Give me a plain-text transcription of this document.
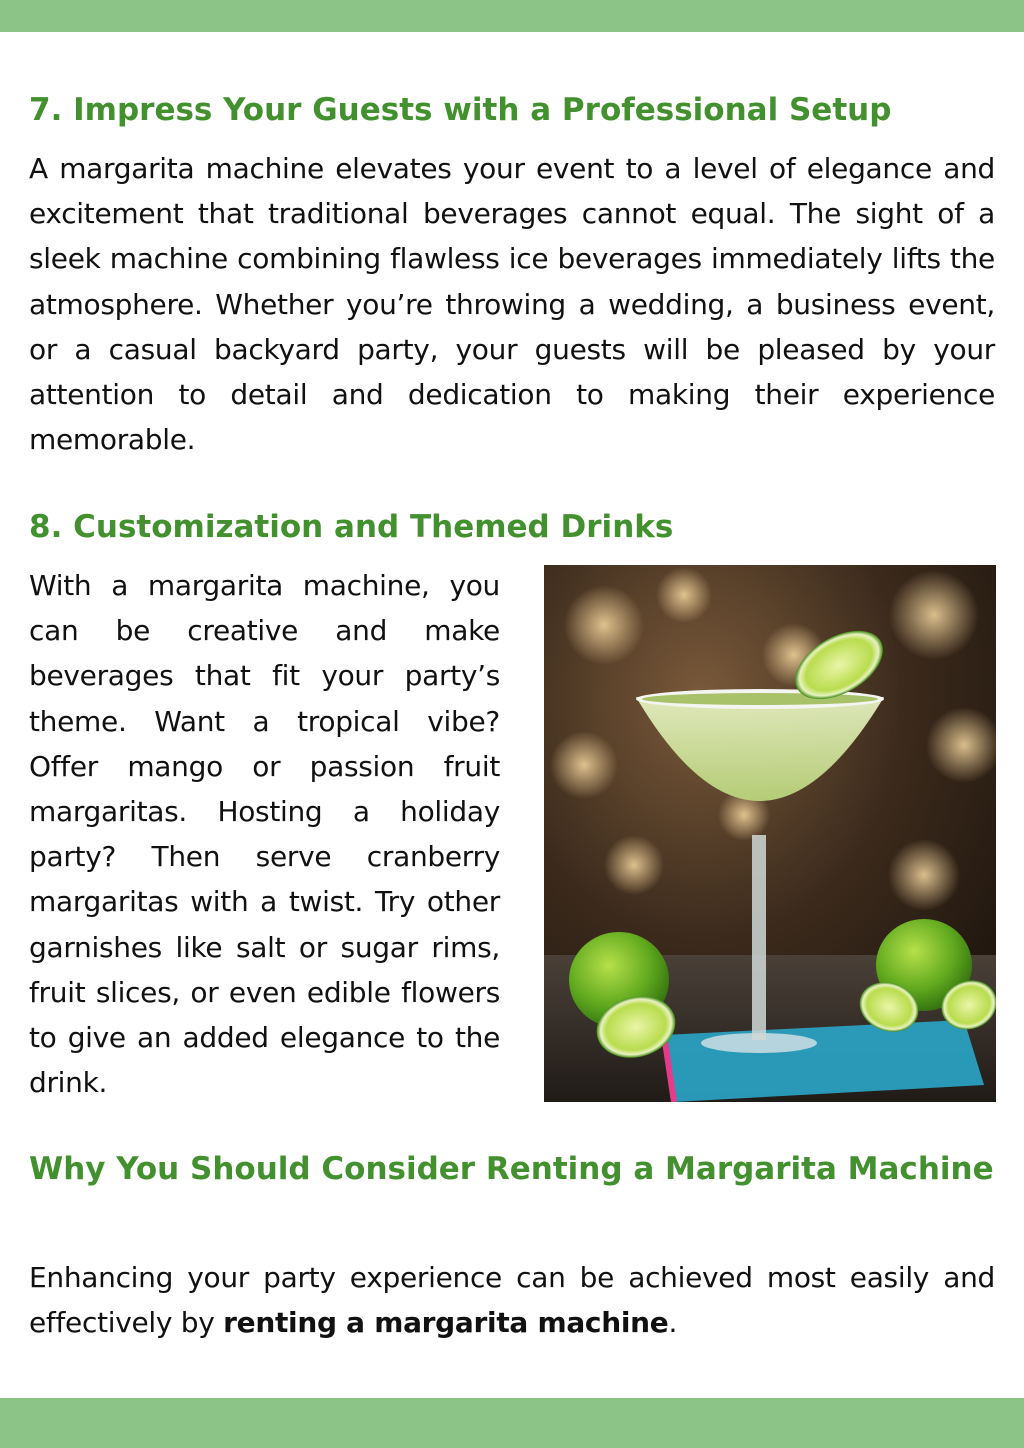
7. Impress Your Guests with a Professional Setup

A margarita machine elevates your event to a level of elegance and excitement that traditional beverages cannot equal. The sight of a sleek machine combining flawless ice beverages immediately lifts the atmosphere. Whether you’re throwing a wedding, a business event, or a casual backyard party, your guests will be pleased by your attention to detail and dedication to making their experience memorable.

8. Customization and Themed Drinks

With a margarita machine, you can be creative and make beverages that fit your party’s theme. Want a tropical vibe? Offer mango or passion fruit margaritas. Hosting a holiday party? Then serve cranberry margaritas with a twist. Try other garnishes like salt or sugar rims, fruit slices, or even edible flowers to give an added elegance to the drink.

Why You Should Consider Renting a Margarita Machine

Enhancing your party experience can be achieved most easily and effectively by renting a margarita machine.
